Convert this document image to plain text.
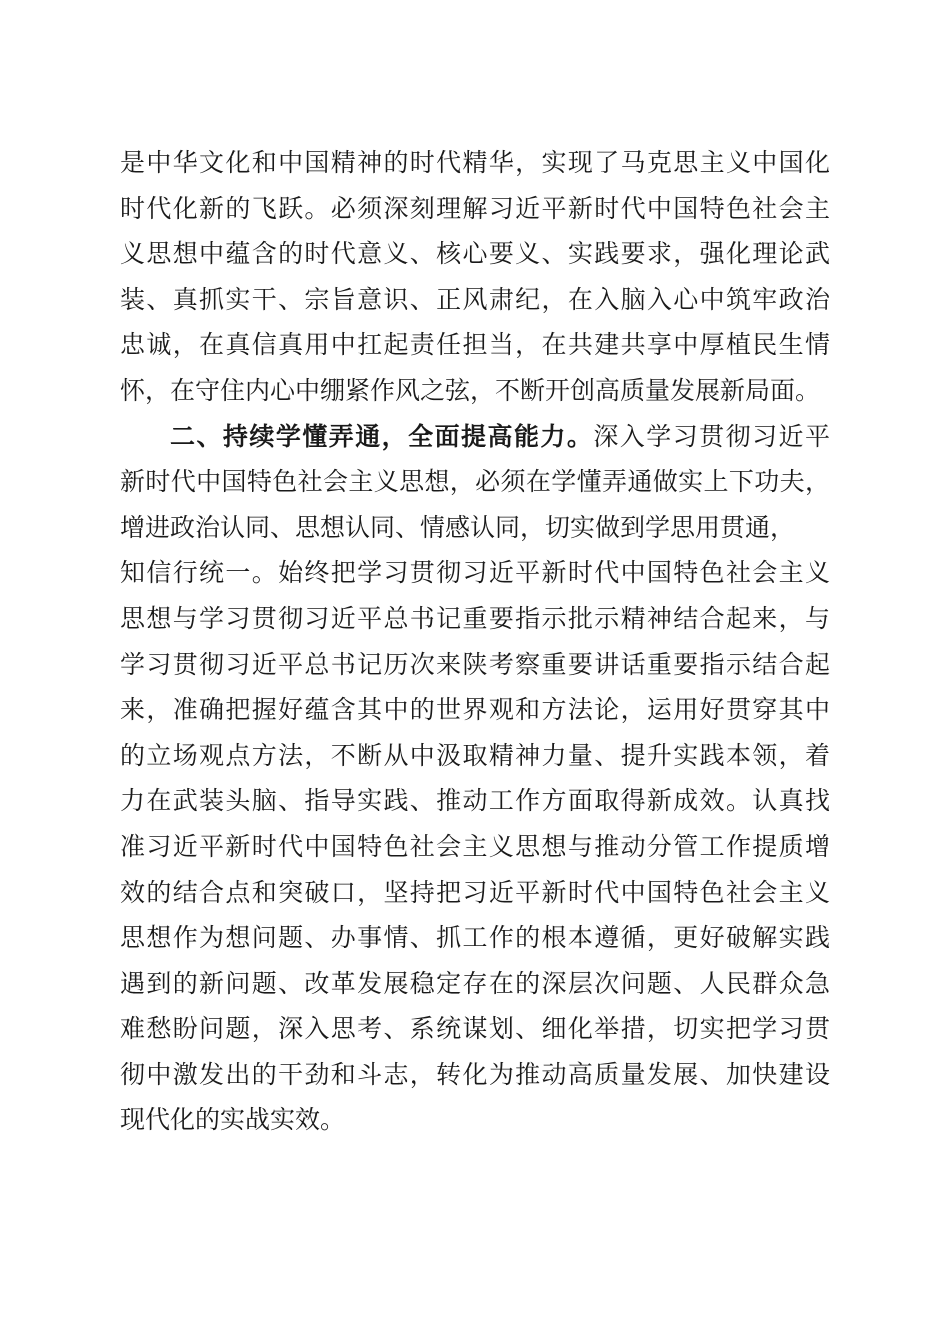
是中华文化和中国精神的时代精华，实现了马克思主义中国化
时代化新的飞跃。必须深刻理解习近平新时代中国特色社会主
义思想中蕴含的时代意义、核心要义、实践要求，强化理论武
装、真抓实干、宗旨意识、正风肃纪，在入脑入心中筑牢政治
忠诚，在真信真用中扛起责任担当，在共建共享中厚植民生情
怀，在守住内心中绷紧作风之弦，不断开创高质量发展新局面。
二、持续学懂弄通，全面提高能力。深入学习贯彻习近平
新时代中国特色社会主义思想，必须在学懂弄通做实上下功夫，
增进政治认同、思想认同、情感认同，切实做到学思用贯通，
知信行统一。始终把学习贯彻习近平新时代中国特色社会主义
思想与学习贯彻习近平总书记重要指示批示精神结合起来，与
学习贯彻习近平总书记历次来陕考察重要讲话重要指示结合起
来，准确把握好蕴含其中的世界观和方法论，运用好贯穿其中
的立场观点方法，不断从中汲取精神力量、提升实践本领，着
力在武装头脑、指导实践、推动工作方面取得新成效。认真找
准习近平新时代中国特色社会主义思想与推动分管工作提质增
效的结合点和突破口，坚持把习近平新时代中国特色社会主义
思想作为想问题、办事情、抓工作的根本遵循，更好破解实践
遇到的新问题、改革发展稳定存在的深层次问题、人民群众急
难愁盼问题，深入思考、系统谋划、细化举措，切实把学习贯
彻中激发出的干劲和斗志，转化为推动高质量发展、加快建设
现代化的实战实效。
